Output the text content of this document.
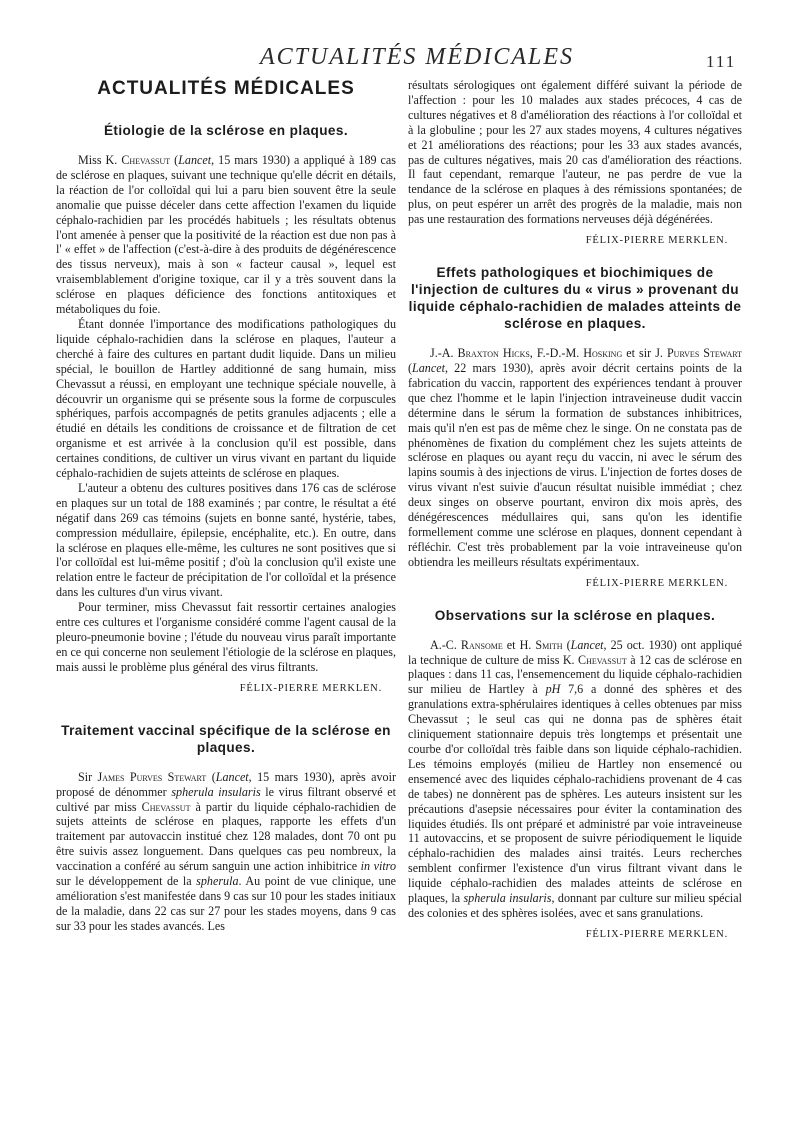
ACTUALITÉS MÉDICALES	111
ACTUALITÉS MÉDICALES
Étiologie de la sclérose en plaques.

Miss K. Chevassut (Lancet, 15 mars 1930) a appliqué à 189 cas de sclérose en plaques, suivant une technique qu'elle décrit en détails, la réaction de l'or colloïdal qui lui a paru bien souvent être la seule anomalie que puisse déceler dans cette affection l'examen du liquide céphalo-rachidien par les procédés habituels ; les résultats obtenus l'ont amenée à penser que la positivité de la réaction est due non pas à l' « effet » de l'affection (c'est-à-dire à des produits de dégénérescence des tissus nerveux), mais à son « facteur causal », lequel est vraisemblablement d'origine toxique, car il y a très souvent dans la sclérose en plaques déficience des fonctions antitoxiques et métaboliques du foie.

Étant donnée l'importance des modifications pathologiques du liquide céphalo-rachidien dans la sclérose en plaques, l'auteur a cherché à faire des cultures en partant dudit liquide. Dans un milieu spécial, le bouillon de Hartley additionné de sang humain, miss Chevassut a réussi, en employant une technique spéciale nouvelle, à découvrir un organisme qui se présente sous la forme de corpuscules sphériques, parfois accompagnés de petits granules adjacents ; elle a étudié en détails les conditions de croissance et de filtration de cet organisme et est arrivée à la conclusion qu'il est possible, dans certaines conditions, de cultiver un virus vivant en partant du liquide céphalo-rachidien de sujets atteints de sclérose en plaques.

L'auteur a obtenu des cultures positives dans 176 cas de sclérose en plaques sur un total de 188 examinés ; par contre, le résultat a été négatif dans 269 cas témoins (sujets en bonne santé, hystérie, tabes, compression médullaire, épilepsie, encéphalite, etc.). En outre, dans la sclérose en plaques elle-même, les cultures ne sont positives que si l'or colloïdal est lui-même positif ; d'où la conclusion qu'il existe une relation entre le facteur de précipitation de l'or colloïdal et la présence dans les cultures d'un virus vivant.

Pour terminer, miss Chevassut fait ressortir certaines analogies entre ces cultures et l'organisme considéré comme l'agent causal de la pleuro-pneumonie bovine ; l'étude du nouveau virus paraît importante en ce qui concerne non seulement l'étiologie de la sclérose en plaques, mais aussi le problème plus général des virus filtrants.

FÉLIX-PIERRE MERKLEN.
Traitement vaccinal spécifique de la sclérose en plaques.

Sir James Purves Stewart (Lancet, 15 mars 1930), après avoir proposé de dénommer spherula insularis le virus filtrant observé et cultivé par miss Chevassut à partir du liquide céphalo-rachidien de sujets atteints de sclérose en plaques, rapporte les effets d'un traitement par autovaccin institué chez 128 malades, dont 70 ont pu être suivis assez longuement. Dans quelques cas peu nombreux, la vaccination a conféré au sérum sanguin une action inhibitrice in vitro sur le développement de la spherula. Au point de vue clinique, une amélioration s'est manifestée dans 9 cas sur 10 pour les stades initiaux de la maladie, dans 22 cas sur 27 pour les stades moyens, dans 9 cas sur 33 pour les stades avancés. Les

résultats sérologiques ont également différé suivant la période de l'affection : pour les 10 malades aux stades précoces, 4 cas de cultures négatives et 8 d'amélioration des réactions à l'or colloïdal et à la globuline ; pour les 27 aux stades moyens, 4 cultures négatives et 21 améliorations des réactions; pour les 33 aux stades avancés, pas de cultures négatives, mais 20 cas d'amélioration des réactions. Il faut cependant, remarque l'auteur, ne pas perdre de vue la tendance de la sclérose en plaques à des rémissions spontanées; de plus, on peut espérer un arrêt des progrès de la maladie, mais non pas une restauration des formations nerveuses déjà dégénérées.

FÉLIX-PIERRE MERKLEN.
Effets pathologiques et biochimiques de l'injection de cultures du « virus » provenant du liquide céphalo-rachidien de malades atteints de sclérose en plaques.

J.-A. Braxton Hicks, F.-D.-M. Hosking et sir J. Purves Stewart (Lancet, 22 mars 1930), après avoir décrit certains points de la fabrication du vaccin, rapportent des expériences tendant à prouver que chez l'homme et le lapin l'injection intraveineuse dudit vaccin détermine dans le sérum la formation de substances inhibitrices, mais qu'il n'en est pas de même chez le singe. On ne constata pas de phénomènes de fixation du complément chez les sujets atteints de sclérose en plaques ou ayant reçu du vaccin, ni avec le sérum des lapins soumis à des injections de virus. L'injection de fortes doses de virus vivant n'est suivie d'aucun résultat nuisible immédiat ; chez deux singes on observe pourtant, environ dix mois après, des dénégérescences médullaires qui, sans qu'on les identifie formellement comme une sclérose en plaques, donnent cependant à réfléchir. C'est très probablement par la voie intraveineuse qu'on obtiendra les meilleurs résultats expérimentaux.

FÉLIX-PIERRE MERKLEN.
Observations sur la sclérose en plaques.

A.-C. Ransome et H. Smith (Lancet, 25 oct. 1930) ont appliqué la technique de culture de miss K. Chevassut à 12 cas de sclérose en plaques : dans 11 cas, l'ensemencement du liquide céphalo-rachidien sur milieu de Hartley à pH 7,6 a donné des sphères et des granulations extra-sphérulaires identiques à celles obtenues par miss Chevassut ; le seul cas qui ne donna pas de sphères était cliniquement stationnaire depuis très longtemps et présentait une courbe d'or colloïdal très faible dans son liquide céphalo-rachidien. Les témoins employés (milieu de Hartley non ensemencé ou ensemencé avec des liquides céphalo-rachidiens provenant de 4 cas de tabes) ne donnèrent pas de sphères. Les auteurs insistent sur les précautions d'asepsie nécessaires pour éviter la contamination des liquides étudiés. Ils ont préparé et administré par voie intraveineuse 11 autovaccins, et se proposent de suivre périodiquement le liquide céphalo-rachidien des malades ainsi traités. Leurs recherches semblent confirmer l'existence d'un virus filtrant vivant dans le liquide céphalo-rachidien des malades atteints de sclérose en plaques, la spherula insularis, donnant par culture sur milieu spécial des colonies et des sphères isolées, avec et sans granulations.

FÉLIX-PIERRE MERKLEN.
